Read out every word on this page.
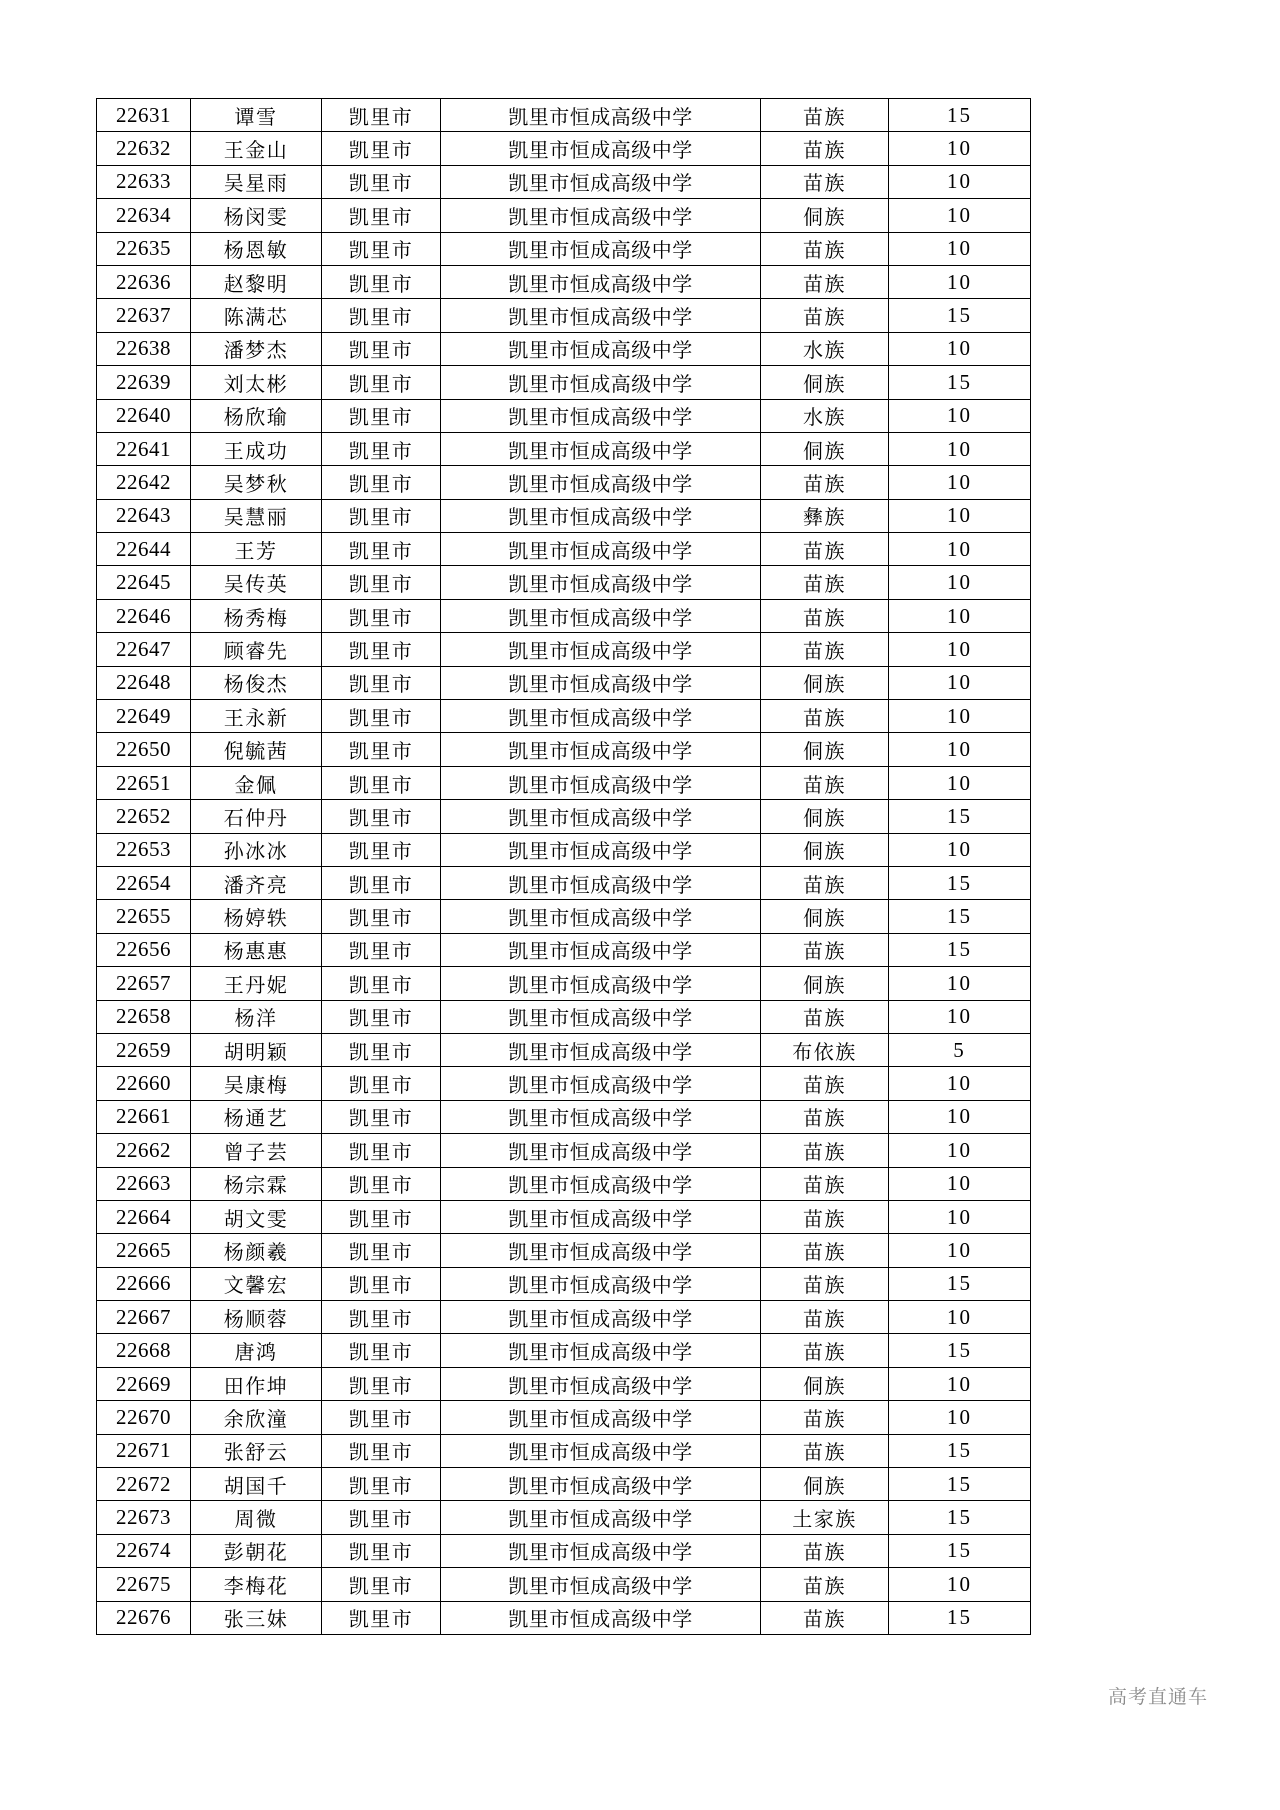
22631	谭雪	凯里市	凯里市恒成高级中学	苗族	15
22632	王金山	凯里市	凯里市恒成高级中学	苗族	10
22633	吴星雨	凯里市	凯里市恒成高级中学	苗族	10
22634	杨闵雯	凯里市	凯里市恒成高级中学	侗族	10
22635	杨恩敏	凯里市	凯里市恒成高级中学	苗族	10
22636	赵黎明	凯里市	凯里市恒成高级中学	苗族	10
22637	陈满芯	凯里市	凯里市恒成高级中学	苗族	15
22638	潘梦杰	凯里市	凯里市恒成高级中学	水族	10
22639	刘太彬	凯里市	凯里市恒成高级中学	侗族	15
22640	杨欣瑜	凯里市	凯里市恒成高级中学	水族	10
22641	王成功	凯里市	凯里市恒成高级中学	侗族	10
22642	吴梦秋	凯里市	凯里市恒成高级中学	苗族	10
22643	吴慧丽	凯里市	凯里市恒成高级中学	彝族	10
22644	王芳	凯里市	凯里市恒成高级中学	苗族	10
22645	吴传英	凯里市	凯里市恒成高级中学	苗族	10
22646	杨秀梅	凯里市	凯里市恒成高级中学	苗族	10
22647	顾睿先	凯里市	凯里市恒成高级中学	苗族	10
22648	杨俊杰	凯里市	凯里市恒成高级中学	侗族	10
22649	王永新	凯里市	凯里市恒成高级中学	苗族	10
22650	倪毓茜	凯里市	凯里市恒成高级中学	侗族	10
22651	金佩	凯里市	凯里市恒成高级中学	苗族	10
22652	石仲丹	凯里市	凯里市恒成高级中学	侗族	15
22653	孙冰冰	凯里市	凯里市恒成高级中学	侗族	10
22654	潘齐亮	凯里市	凯里市恒成高级中学	苗族	15
22655	杨婷轶	凯里市	凯里市恒成高级中学	侗族	15
22656	杨惠惠	凯里市	凯里市恒成高级中学	苗族	15
22657	王丹妮	凯里市	凯里市恒成高级中学	侗族	10
22658	杨洋	凯里市	凯里市恒成高级中学	苗族	10
22659	胡明颖	凯里市	凯里市恒成高级中学	布依族	5
22660	吴康梅	凯里市	凯里市恒成高级中学	苗族	10
22661	杨通艺	凯里市	凯里市恒成高级中学	苗族	10
22662	曾子芸	凯里市	凯里市恒成高级中学	苗族	10
22663	杨宗霖	凯里市	凯里市恒成高级中学	苗族	10
22664	胡文雯	凯里市	凯里市恒成高级中学	苗族	10
22665	杨颜羲	凯里市	凯里市恒成高级中学	苗族	10
22666	文馨宏	凯里市	凯里市恒成高级中学	苗族	15
22667	杨顺蓉	凯里市	凯里市恒成高级中学	苗族	10
22668	唐鸿	凯里市	凯里市恒成高级中学	苗族	15
22669	田作坤	凯里市	凯里市恒成高级中学	侗族	10
22670	余欣潼	凯里市	凯里市恒成高级中学	苗族	10
22671	张舒云	凯里市	凯里市恒成高级中学	苗族	15
22672	胡国千	凯里市	凯里市恒成高级中学	侗族	15
22673	周微	凯里市	凯里市恒成高级中学	土家族	15
22674	彭朝花	凯里市	凯里市恒成高级中学	苗族	15
22675	李梅花	凯里市	凯里市恒成高级中学	苗族	10
22676	张三妹	凯里市	凯里市恒成高级中学	苗族	15
高考直通车
